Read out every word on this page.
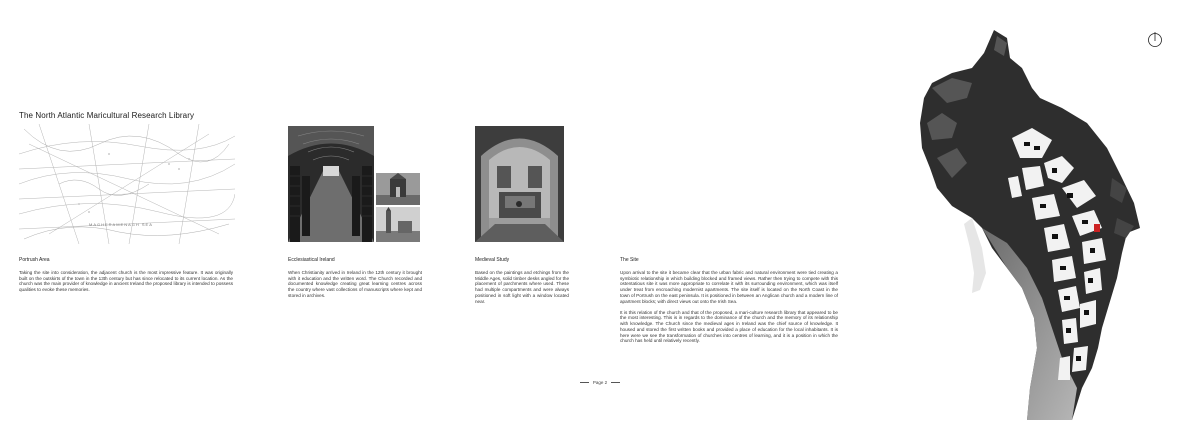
The North Atlantic Maricultural Research Library
MAGHERAMENAGH SEA
Portrush Area	Ecclesiastical Ireland	Medieval Study	The Site
Taking the site into consideration, the adjacent church is the most impressive feature. It was originally built on the outskirts of the town in the 13th century but has since relocated to its current location. As the church was the main provider of knowledge in ancient Ireland the proposed library is intended to possess qualities to evoke these memories.
When Christianity arrived in Ireland in the 12th century it brought with it education and the written word. The Church recorded and documented knowledge creating great learning centres across the country where vast collections of manuscripts where kept and stored in archives.
Based on the paintings and etchings from the Middle Ages, solid timber desks angled for the placement of parchments where used. These had multiple compartments and were always positioned in soft light with a window located near.

Upon arrival to the site it became clear that the urban fabric and natural environment were tied creating a symbiotic relationship in which building blocked and framed views. Rather then trying to compete with this ostentatious site it was more appropriate to correlate it with its surrounding environment, which was itself under treat from encroaching modernist apartments. The site itself is located on the North Coast in the town of Portrush on the east peninsula. It is positioned in between an Anglican church and a modern line of apartment blocks; with direct views out onto the Irish Sea.

It is this relation of the church and that of the proposed, a mari-culture research library that appeared to be the most interesting. This is in regards to the dominance of the church and the memory of its relationship with knowledge. The Church since the medieval ages in Ireland was the chief source of knowledge. It housed and stored the first written books and provided a place of education for the local inhabitants. It is here were we see the transformation of churches into centres of learning, and it is a position in which the church has held until relatively recently.

Page 2
